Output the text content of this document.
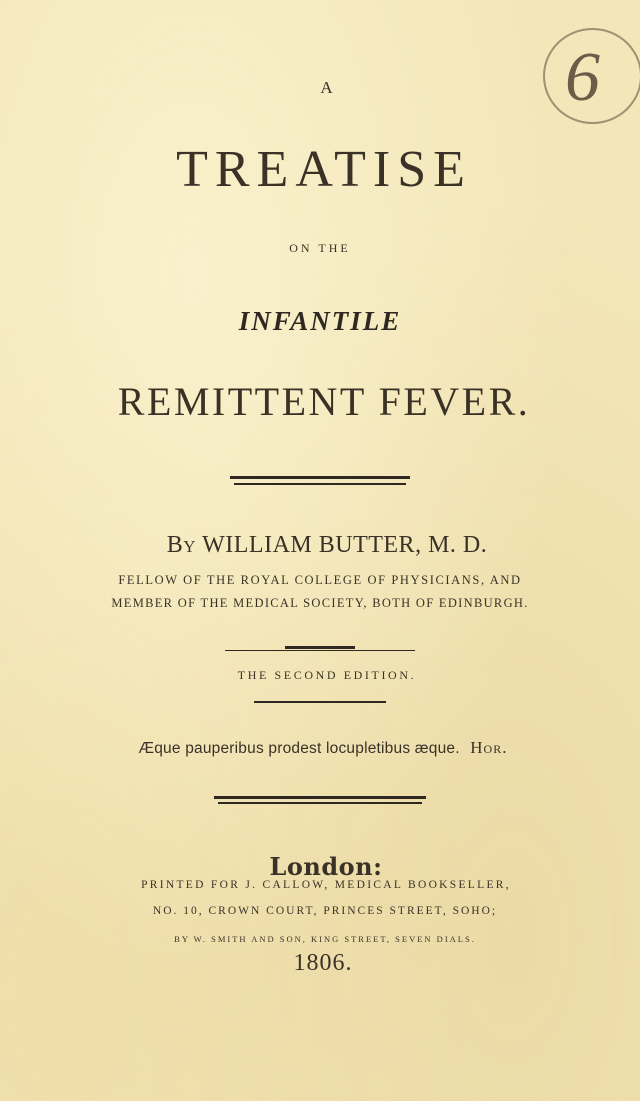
6
A
TREATISE
ON THE
INFANTILE
REMITTENT FEVER.
By WILLIAM BUTTER, M. D.
FELLOW OF THE ROYAL COLLEGE OF PHYSICIANS, AND
MEMBER OF THE MEDICAL SOCIETY, BOTH OF EDINBURGH.
THE SECOND EDITION.
Æque pauperibus prodest locupletibus æque. Hor.
London:
PRINTED FOR J. CALLOW, MEDICAL BOOKSELLER,
NO. 10, CROWN COURT, PRINCES STREET, SOHO;
BY W. SMITH AND SON, KING STREET, SEVEN DIALS.
1806.
